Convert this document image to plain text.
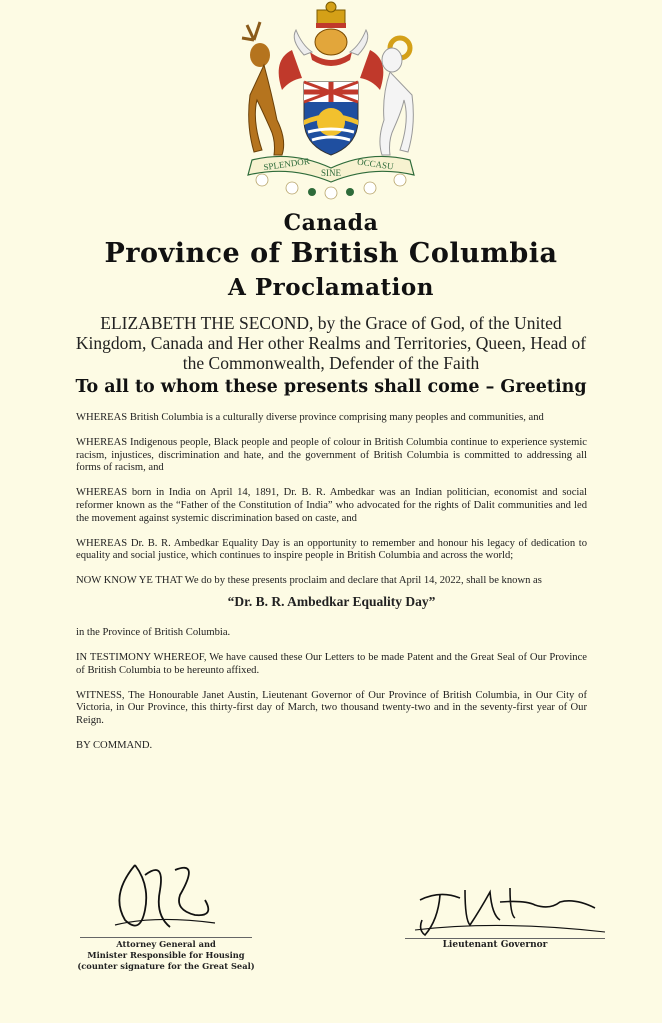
SPLENDOR
SINE
OCCASU
Canada
Province of British Columbia
A Proclamation
ELIZABETH THE SECOND, by the Grace of God, of the United Kingdom, Canada and Her other Realms and Territories, Queen, Head of the Commonwealth, Defender of the Faith
To all to whom these presents shall come – Greeting

WHEREAS British Columbia is a culturally diverse province comprising many peoples and communities, and

WHEREAS Indigenous people, Black people and people of colour in British Columbia continue to experience systemic racism, injustices, discrimination and hate, and the government of British Columbia is committed to addressing all forms of racism, and

WHEREAS born in India on April 14, 1891, Dr. B. R. Ambedkar was an Indian politician, economist and social reformer known as the “Father of the Constitution of India” who advocated for the rights of Dalit communities and led the movement against systemic discrimination based on caste, and

WHEREAS Dr. B. R. Ambedkar Equality Day is an opportunity to remember and honour his legacy of dedication to equality and social justice, which continues to inspire people in British Columbia and across the world;

NOW KNOW YE THAT We do by these presents proclaim and declare that April 14, 2022, shall be known as

“Dr. B. R. Ambedkar Equality Day”

in the Province of British Columbia.

IN TESTIMONY WHEREOF, We have caused these Our Letters to be made Patent and the Great Seal of Our Province of British Columbia to be hereunto affixed.

WITNESS, The Honourable Janet Austin, Lieutenant Governor of Our Province of British Columbia, in Our City of Victoria, in Our Province, this thirty-first day of March, two thousand twenty-two and in the seventy-first year of Our Reign.

BY COMMAND.

Attorney General and
Minister Responsible for Housing
(counter signature for the Great Seal)
Lieutenant Governor
